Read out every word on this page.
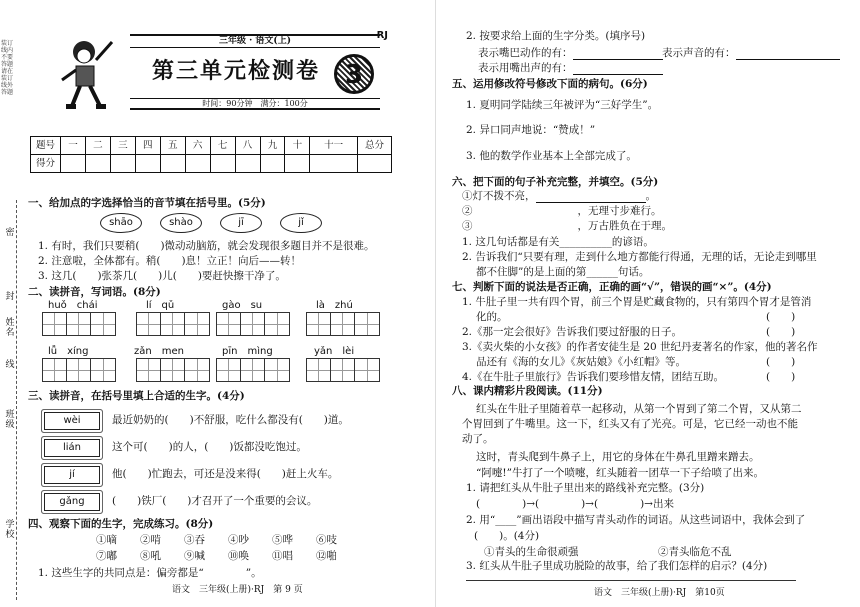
装订线内不要答题 请在装订线外答题
密
封
线
姓名
班级
学校
三年级 · 语文(上)	RJ
第三单元检测卷 3
时间：90分钟　满分：100分
题号	一	二	三	四	五	六	七	八	九	十	十一	总分
得分												
一、给加点的字选择恰当的音节填在括号里。(5分)
shāo	shào	jī	jǐ
1. 有时，我们只要稍(　　)微动动脑筋，就会发现很多题目并不是很难。
2. 注意啦，全体都有。稍(　　)息！立正！向后——转！
3. 这几(　　)张茶几(　　)儿(　　)要赶快擦干净了。
二、读拼音，写词语。(8分)
huǒ　chái	lí　qǔ	gào　su	là　zhú
lǚ　xíng	zǎn　men	pīn　mìng	yǎn　lèi
三、读拼音，在括号里填上合适的生字。(4分)
wèi	最近奶奶的(　　)不舒服，吃什么都没有(　　)道。
lián	这个可(　　)的人，(　　)饭都没吃饱过。
jí	他(　　)忙跑去，可还是没来得(　　)赶上火车。
gǎng	(　　)铁厂(　　)才召开了一个重要的会议。
四、观察下面的生字，完成练习。(8分)
①嘀 ②啃 ③吞 ④吵 ⑤哗 ⑥吱
⑦嘟 ⑧吼 ⑨喊 ⑩唤 ⑪唱 ⑫啪
1. 这些生字的共同点是：偏旁都是“　　　　”。
语文　三年级(上册)·RJ　第 9 页
2. 按要求给上面的生字分类。(填序号)
表示嘴巴动作的有：	表示声音的有：
表示用嘴出声的有：
五、运用修改符号修改下面的病句。(6分)
1. 夏明同学陆续三年被评为“三好学生”。
2. 异口同声地说：“赞成！”
3. 他的数学作业基本上全部完成了。
六、把下面的句子补充完整，并填空。(5分)
①灯不拨不亮，	。
②　　　　　　　　　　，无理寸步难行。
③　　　　　　　　　　，万古胜负在于理。
1. 这几句话都是有关__________的谚语。
2. 告诉我们“只要有理，走到什么地方都能行得通，无理的话，无论走到哪里
都不住脚”的是上面的第______句话。
七、判断下面的说法是否正确，正确的画“√”，错误的画“×”。(4分)
1. 牛肚子里一共有四个胃，前三个胃是贮藏食物的，只有第四个胃才是管消
化的。	(　　)
2.《那一定会很好》告诉我们要过舒服的日子。	(　　)
3.《卖火柴的小女孩》的作者安徒生是 20 世纪丹麦著名的作家，他的著名作
品还有《海的女儿》《灰姑娘》《小红帽》等。	(　　)
4.《在牛肚子里旅行》告诉我们要珍惜友情，团结互助。	(　　)
八、课内精彩片段阅读。(11分)
红头在牛肚子里随着草一起移动，从第一个胃到了第二个胃，又从第二
个胃回到了牛嘴里。这一下，红头又有了光亮。可是，它已经一动也不能
动了。
这时，青头爬到牛鼻子上，用它的身体在牛鼻孔里蹭来蹭去。
“阿嚏!”牛打了一个喷嚏，红头随着一团草一下子给喷了出来。
1. 请把红头从牛肚子里出来的路线补充完整。(3分)
(　　　　)→(　　　　)→(　　　　)→出来
2. 用“____”画出语段中描写青头动作的词语。从这些词语中，我体会到了
(　　)。(4分)
①青头的生命很顽强	②青头临危不乱
3. 红头从牛肚子里成功脱险的故事，给了我们怎样的启示？(4分)
语文　三年级(上册)·RJ　第10页
